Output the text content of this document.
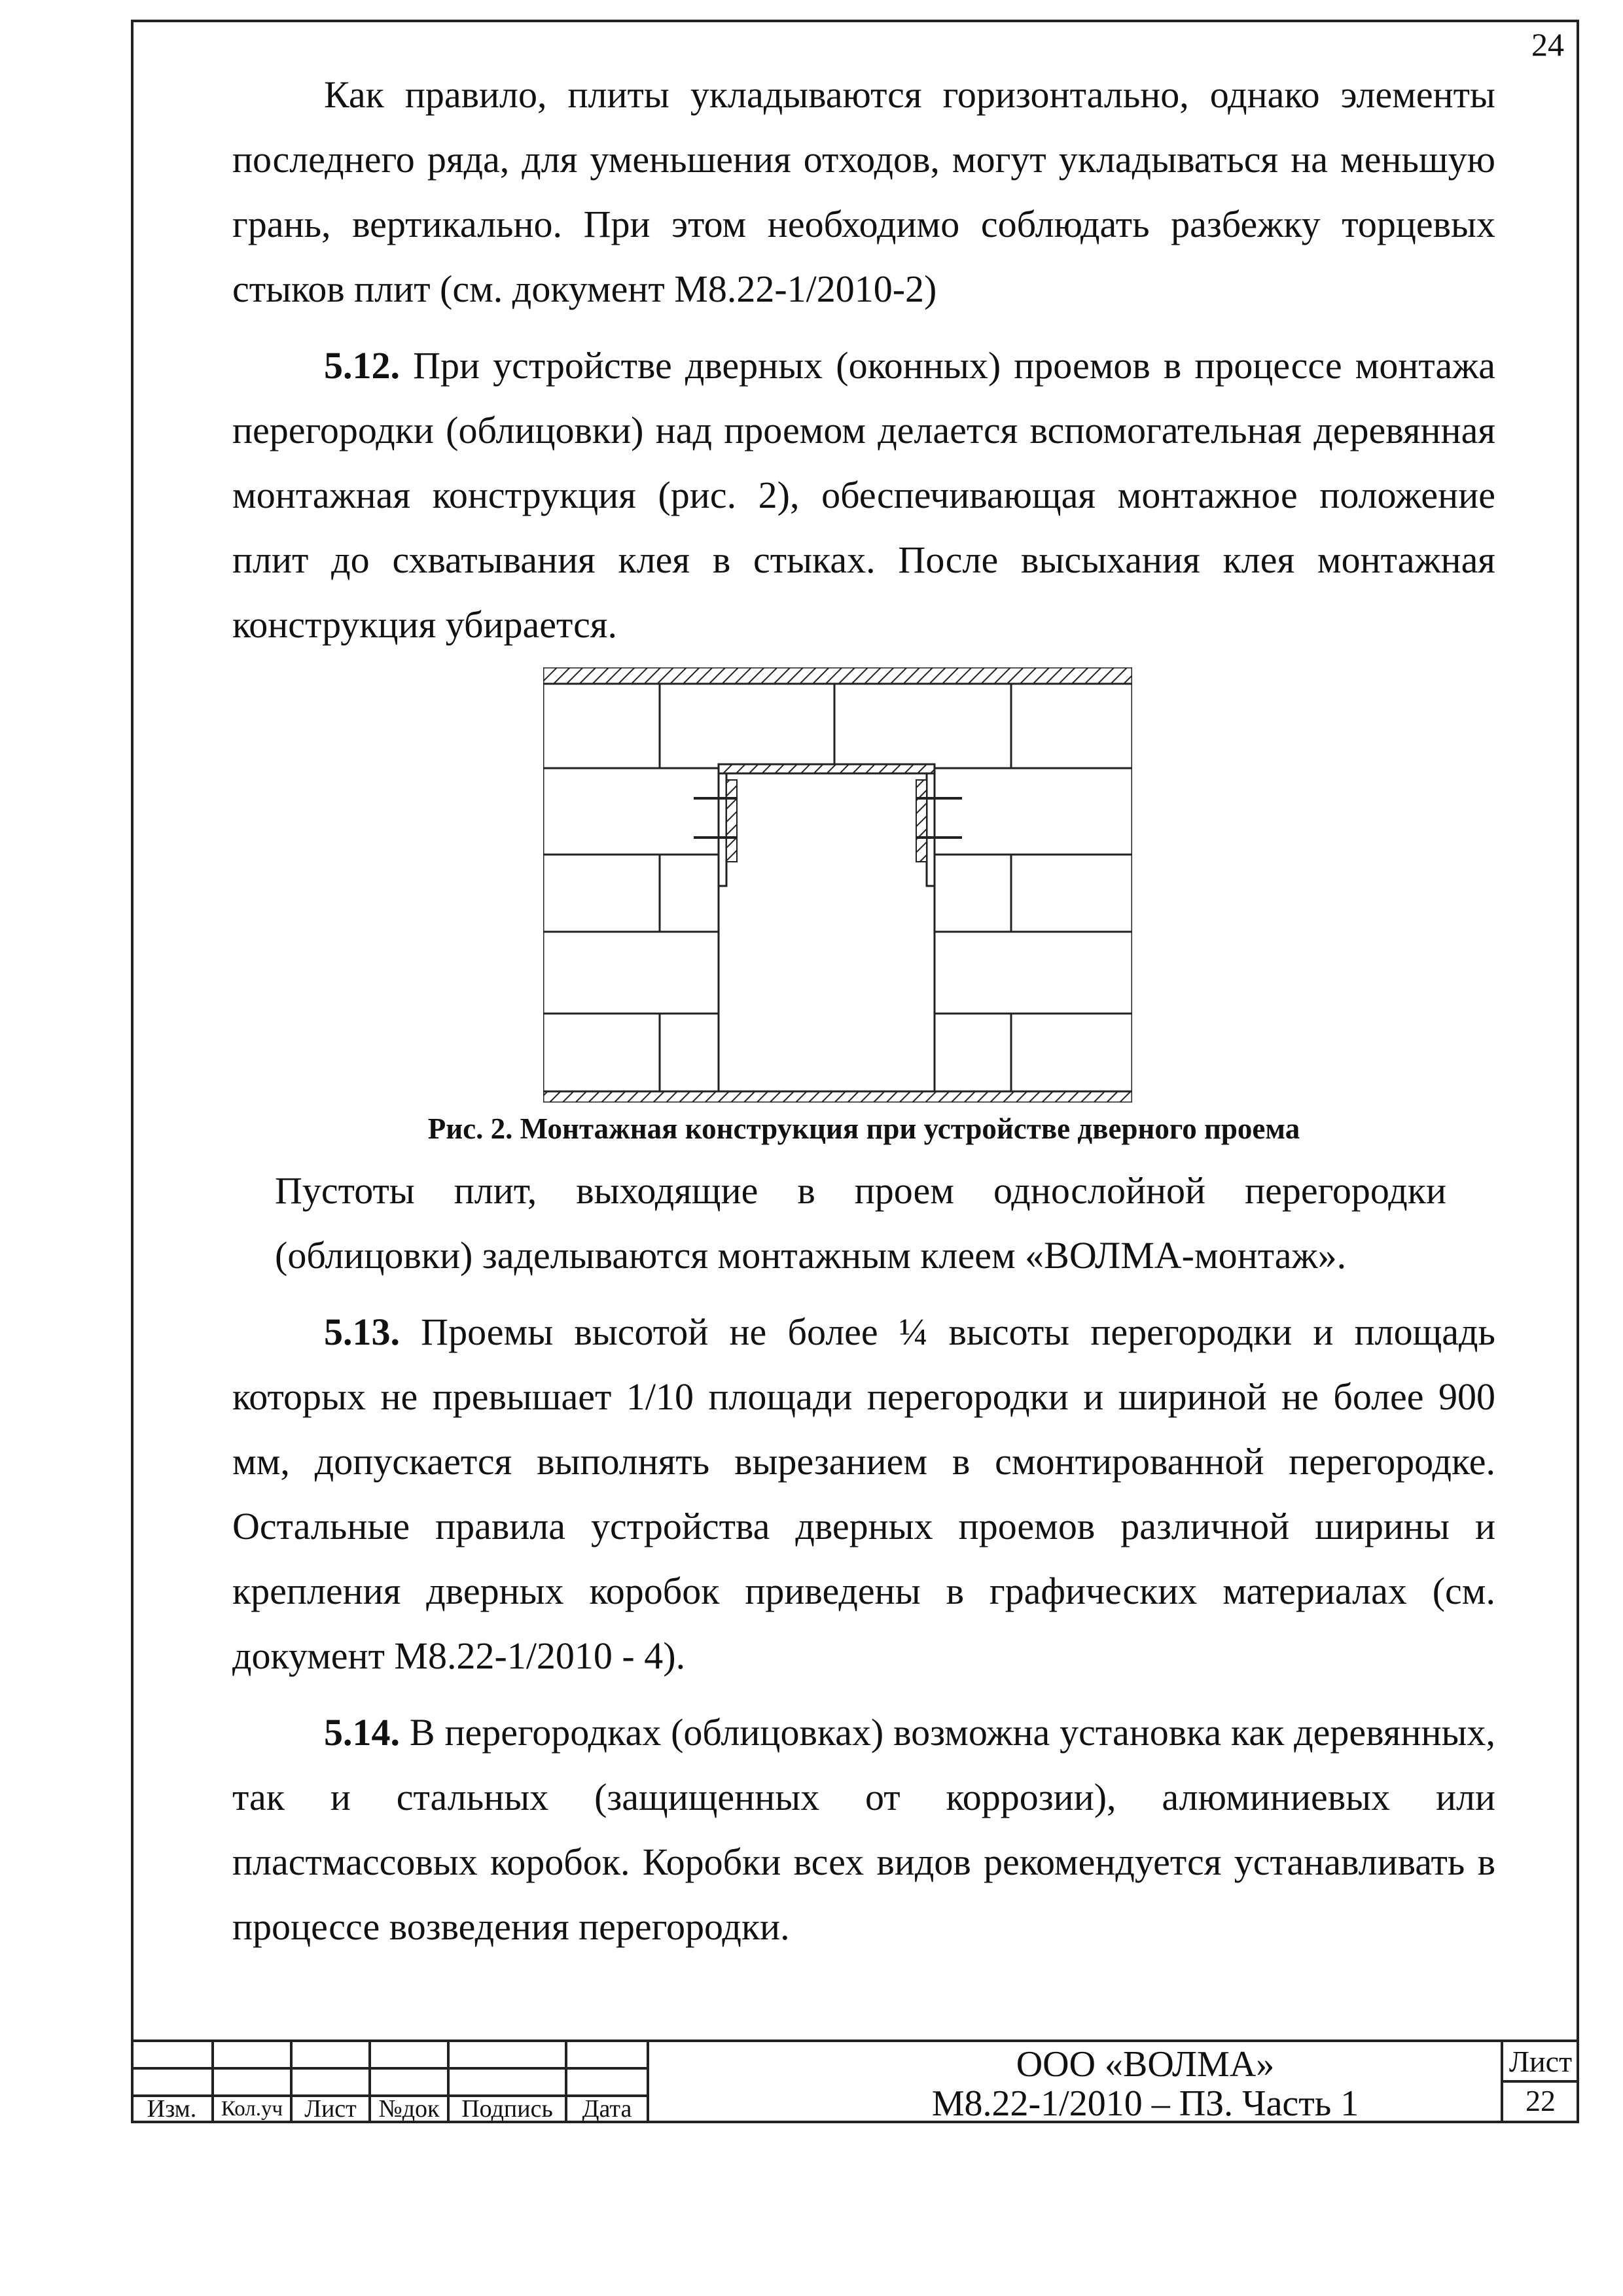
24

Как правило, плиты укладываются горизонтально, однако элементы последнего ряда, для уменьшения отходов, могут укладываться на меньшую грань, вертикально. При этом необходимо соблюдать разбежку торцевых стыков плит (см. документ М8.22-1/2010-2)

5.12. При устройстве дверных (оконных) проемов в процессе монтажа перегородки (облицовки) над проемом делается вспомогательная деревянная монтажная конструкция (рис. 2), обеспечивающая монтажное положение плит до схватывания клея в стыках. После высыхания клея монтажная конструкция убирается.

Рис. 2. Монтажная конструкция при устройстве дверного проема

Пустоты плит, выходящие в проем однослойной перегородки (облицовки) заделываются монтажным клеем «ВОЛМА-монтаж».

5.13. Проемы высотой не более ¼ высоты перегородки и площадь которых не превышает 1/10 площади перегородки и шириной не более 900 мм, допускается выполнять вырезанием в смонтированной перегородке. Остальные правила устройства дверных проемов различной ширины и крепления дверных коробок приведены в графических материалах (см. документ М8.22-1/2010 - 4).

5.14. В перегородках (облицовках) возможна установка как деревянных, так и стальных (защищенных от коррозии), алюминиевых или пластмассовых коробок. Коробки всех видов рекомендуется устанавливать в процессе возведения перегородки.

Изм.	Кол.уч Лист №док Подпись	Дата
ООО «ВОЛМА»
М8.22-1/2010 – ПЗ. Часть 1
Лист
22
